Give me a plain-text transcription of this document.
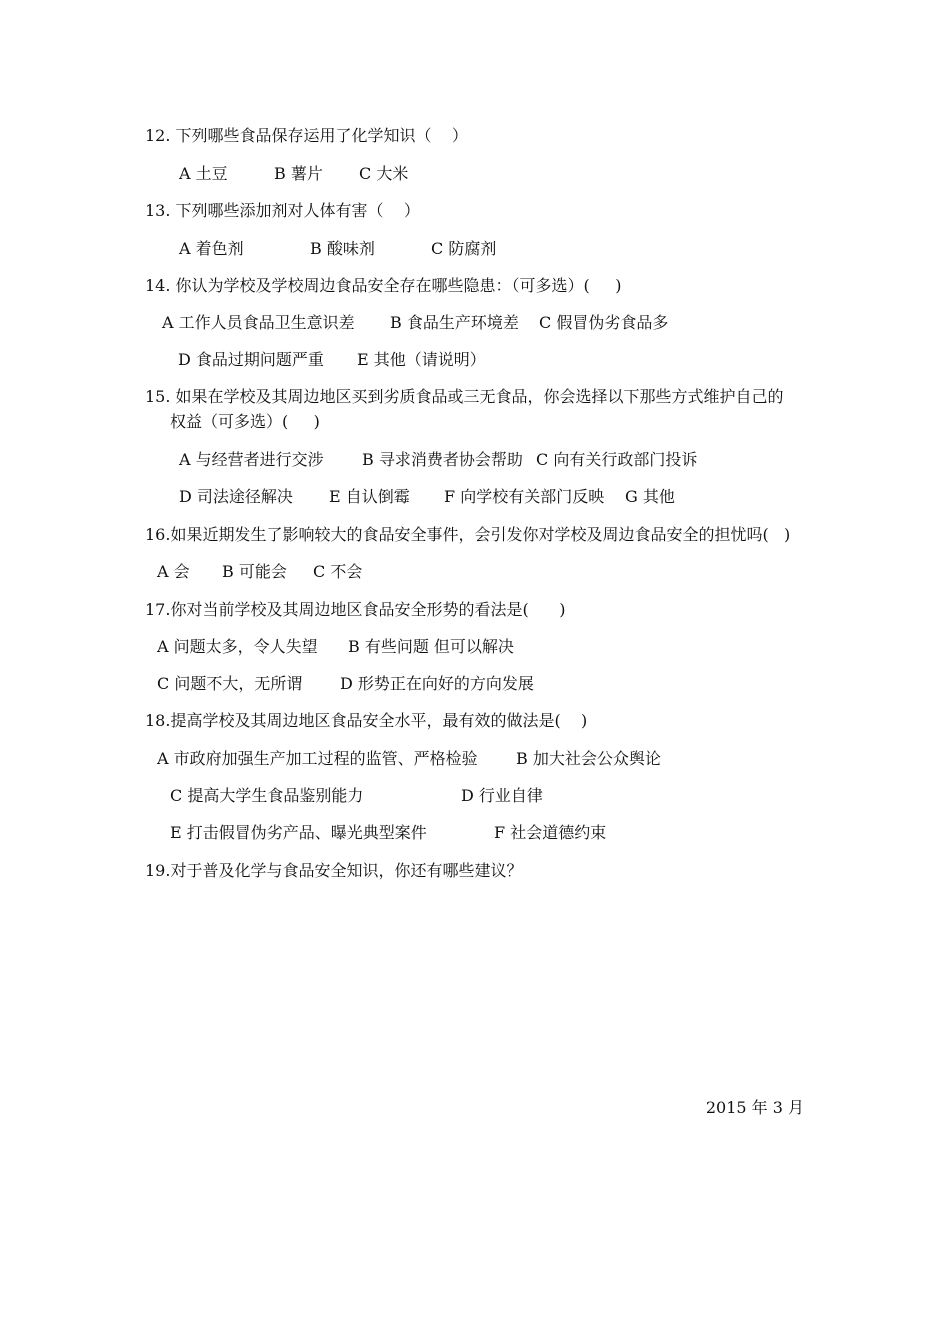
12. 下列哪些食品保存运用了化学知识（    ）
A 土豆	B 薯片 C 大米
13. 下列哪些添加剂对人体有害（    ）
A 着色剂	B 酸味剂	C 防腐剂
14. 你认为学校及学校周边食品安全存在哪些隐患：（可多选）(     )
A 工作人员食品卫生意识差 B 食品生产环境差 C 假冒伪劣食品多
D 食品过期问题严重 E 其他（请说明）
15. 如果在学校及其周边地区买到劣质食品或三无食品，你会选择以下那些方式维护自己的
权益（可多选）(     )
A 与经营者进行交涉 B 寻求消费者协会帮助 C 向有关行政部门投诉
D 司法途径解决 E 自认倒霉 F 向学校有关部门反映 G 其他
16.如果近期发生了影响较大的食品安全事件，会引发你对学校及周边食品安全的担忧吗(   )
A 会 B 可能会 C 不会
17.你对当前学校及其周边地区食品安全形势的看法是(      )
A 问题太多，令人失望 B 有些问题 但可以解决
C 问题不大，无所谓 D 形势正在向好的方向发展
18.提高学校及其周边地区食品安全水平，最有效的做法是(    )
A 市政府加强生产加工过程的监管、严格检验 B 加大社会公众舆论
C 提高大学生食品鉴别能力	D 行业自律
E 打击假冒伪劣产品、曝光典型案件	F 社会道德约束
19.对于普及化学与食品安全知识，你还有哪些建议？
2015 年 3 月
